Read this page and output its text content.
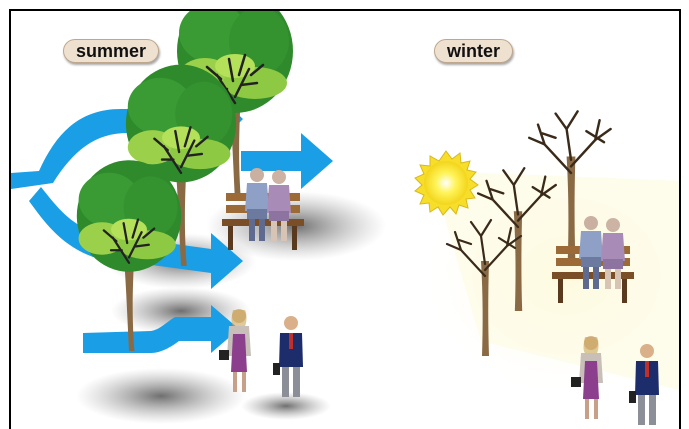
summer	winter
